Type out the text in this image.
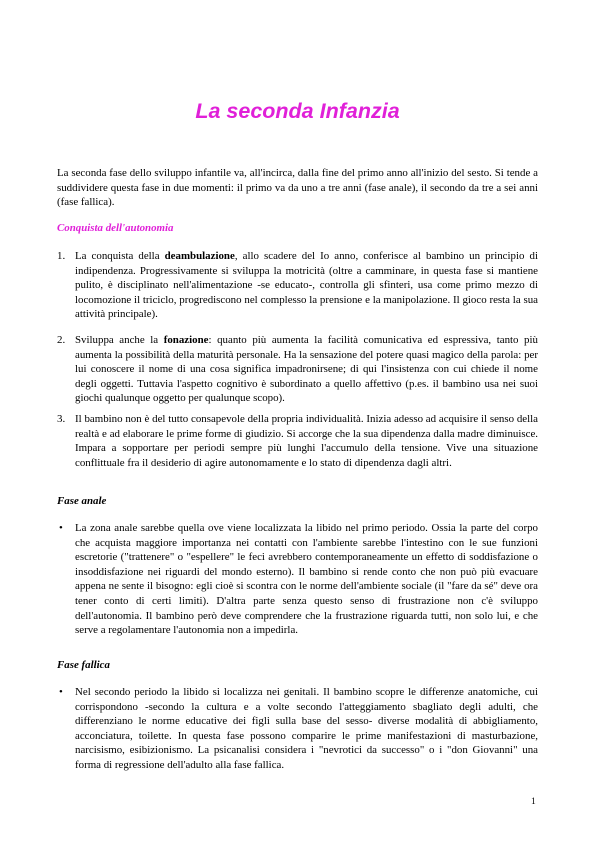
La seconda Infanzia

La seconda fase dello sviluppo infantile va, all'incirca, dalla fine del primo anno all'inizio del sesto. Si tende a suddividere questa fase in due momenti: il primo va da uno a tre anni (fase anale), il secondo da tre a sei anni (fase fallica).

Conquista dell'autonomia

1. La conquista della deambulazione, allo scadere del Io anno, conferisce al bambino un principio di indipendenza. Progressivamente si sviluppa la motricità (oltre a camminare, in questa fase si mantiene pulito, è disciplinato nell'alimentazione -se educato-, controlla gli sfinteri, usa come primo mezzo di locomozione il triciclo, progrediscono nel complesso la prensione e la manipolazione. Il gioco resta la sua attività principale).

2. Sviluppa anche la fonazione: quanto più aumenta la facilità comunicativa ed espressiva, tanto più aumenta la possibilità della maturità personale. Ha la sensazione del potere quasi magico della parola: per lui conoscere il nome di una cosa significa impadronirsene; di qui l'insistenza con cui chiede il nome degli oggetti. Tuttavia l'aspetto cognitivo è subordinato a quello affettivo (p.es. il bambino usa nei suoi giochi qualunque oggetto per qualunque scopo).

3. Il bambino non è del tutto consapevole della propria individualità. Inizia adesso ad acquisire il senso della realtà e ad elaborare le prime forme di giudizio. Si accorge che la sua dipendenza dalla madre diminuisce. Impara a sopportare per periodi sempre più lunghi l'accumulo della tensione. Vive una situazione conflittuale fra il desiderio di agire autonomamente e lo stato di dipendenza dagli altri.

Fase anale

• La zona anale sarebbe quella ove viene localizzata la libido nel primo periodo. Ossia la parte del corpo che acquista maggiore importanza nei contatti con l'ambiente sarebbe l'intestino con le sue funzioni escretorie ("trattenere" o "espellere" le feci avrebbero contemporaneamente un effetto di soddisfazione o insoddisfazione nei riguardi del mondo esterno). Il bambino si rende conto che non può più evacuare appena ne sente il bisogno: egli cioè si scontra con le norme dell'ambiente sociale (il "fare da sé" deve ora tener conto di certi limiti). D'altra parte senza questo senso di frustrazione non c'è sviluppo dell'autonomia. Il bambino però deve comprendere che la frustrazione riguarda tutti, non solo lui, e che serve a regolamentare l'autonomia non a impedirla.

Fase fallica

• Nel secondo periodo la libido si localizza nei genitali. Il bambino scopre le differenze anatomiche, cui corrispondono -secondo la cultura e a volte secondo l'atteggiamento sbagliato degli adulti, che differenziano le norme educative dei figli sulla base del sesso- diverse modalità di abbigliamento, acconciatura, toilette. In questa fase possono comparire le prime manifestazioni di masturbazione, narcisismo, esibizionismo. La psicanalisi considera i "nevrotici da successo" o i "don Giovanni" una forma di regressione dell'adulto alla fase fallica.

1
